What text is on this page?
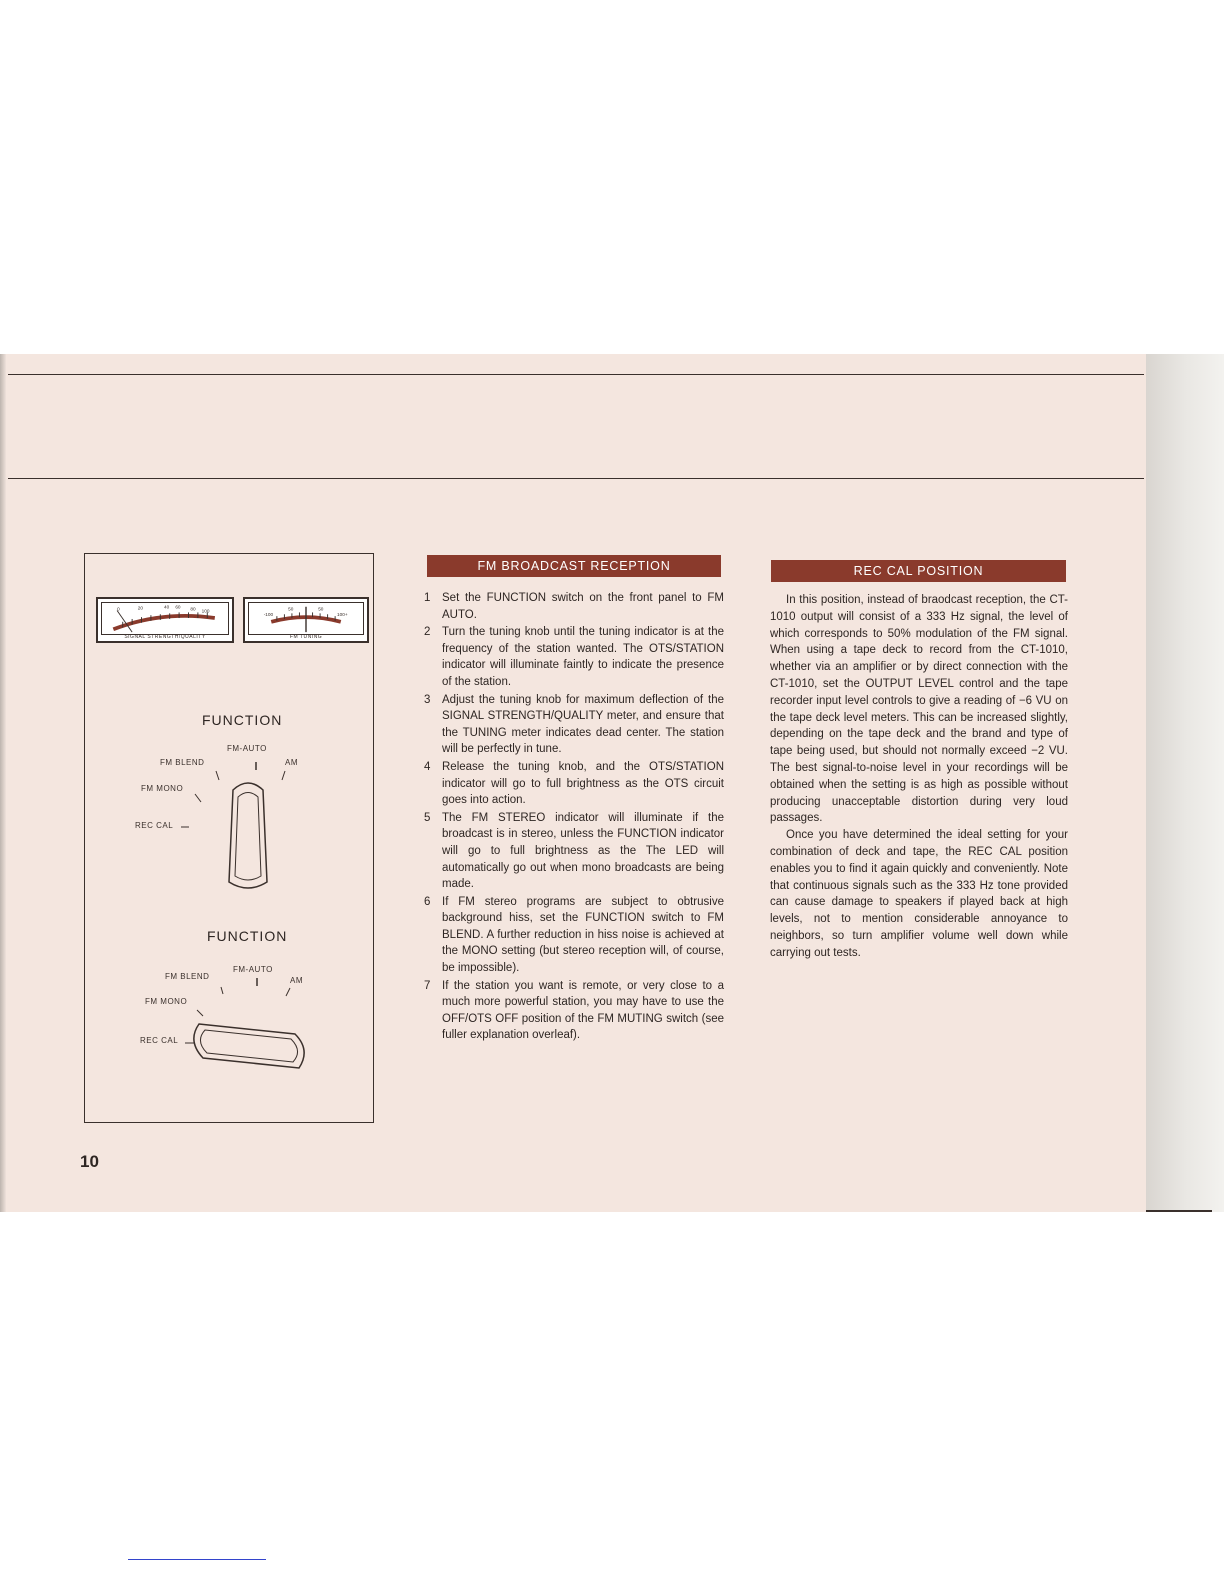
0	20	40 60 80 100
SIGNAL STRENGTH/QUALITY
-100
50	50
100+
FM TUNING
FUNCTION
FM-AUTO
FM BLEND	AM
FM MONO
REC CAL
FUNCTION
FM-AUTO
FM BLEND	AM
FM MONO
REC CAL
FM BROADCAST RECEPTION
1 Set the FUNCTION switch on the front panel to FM AUTO.
2 Turn the tuning knob until the tuning indicator is at the frequency of the station wanted. The OTS/STATION indicator will illuminate faintly to indicate the presence of the station.
3 Adjust the tuning knob for maximum deflection of the SIGNAL STRENGTH/QUALITY meter, and ensure that the TUNING meter indicates dead center. The station will be perfectly in tune.
4 Release the tuning knob, and the OTS/STATION indicator will go to full brightness as the OTS circuit goes into action.
5 The FM STEREO indicator will illuminate if the broadcast is in stereo, unless the FUNCTION indicator will go to full brightness as the The LED will automatically go out when mono broadcasts are being made.
6 If FM stereo programs are subject to obtrusive background hiss, set the FUNCTION switch to FM BLEND. A further reduction in hiss noise is achieved at the MONO setting (but stereo reception will, of course, be impossible).
7 If the station you want is remote, or very close to a much more powerful station, you may have to use the OFF/OTS OFF position of the FM MUTING switch (see fuller explanation overleaf).
REC CAL POSITION

In this position, instead of braodcast reception, the CT-1010 output will consist of a 333 Hz signal, the level of which corresponds to 50% modulation of the FM signal. When using a tape deck to record from the CT-1010, whether via an amplifier or by direct connection with the CT-1010, set the OUTPUT LEVEL control and the tape recorder input level controls to give a reading of −6 VU on the tape deck level meters. This can be increased slightly, depending on the tape deck and the brand and type of tape being used, but should not normally exceed −2 VU. The best signal-to-noise level in your recordings will be obtained when the setting is as high as possible without producing unacceptable distortion during very loud passages.

Once you have determined the ideal setting for your combination of deck and tape, the REC CAL position enables you to find it again quickly and conveniently. Note that continuous signals such as the 333 Hz tone provided can cause damage to speakers if played back at high levels, not to mention considerable annoyance to neighbors, so turn amplifier volume well down while carrying out tests.

10
